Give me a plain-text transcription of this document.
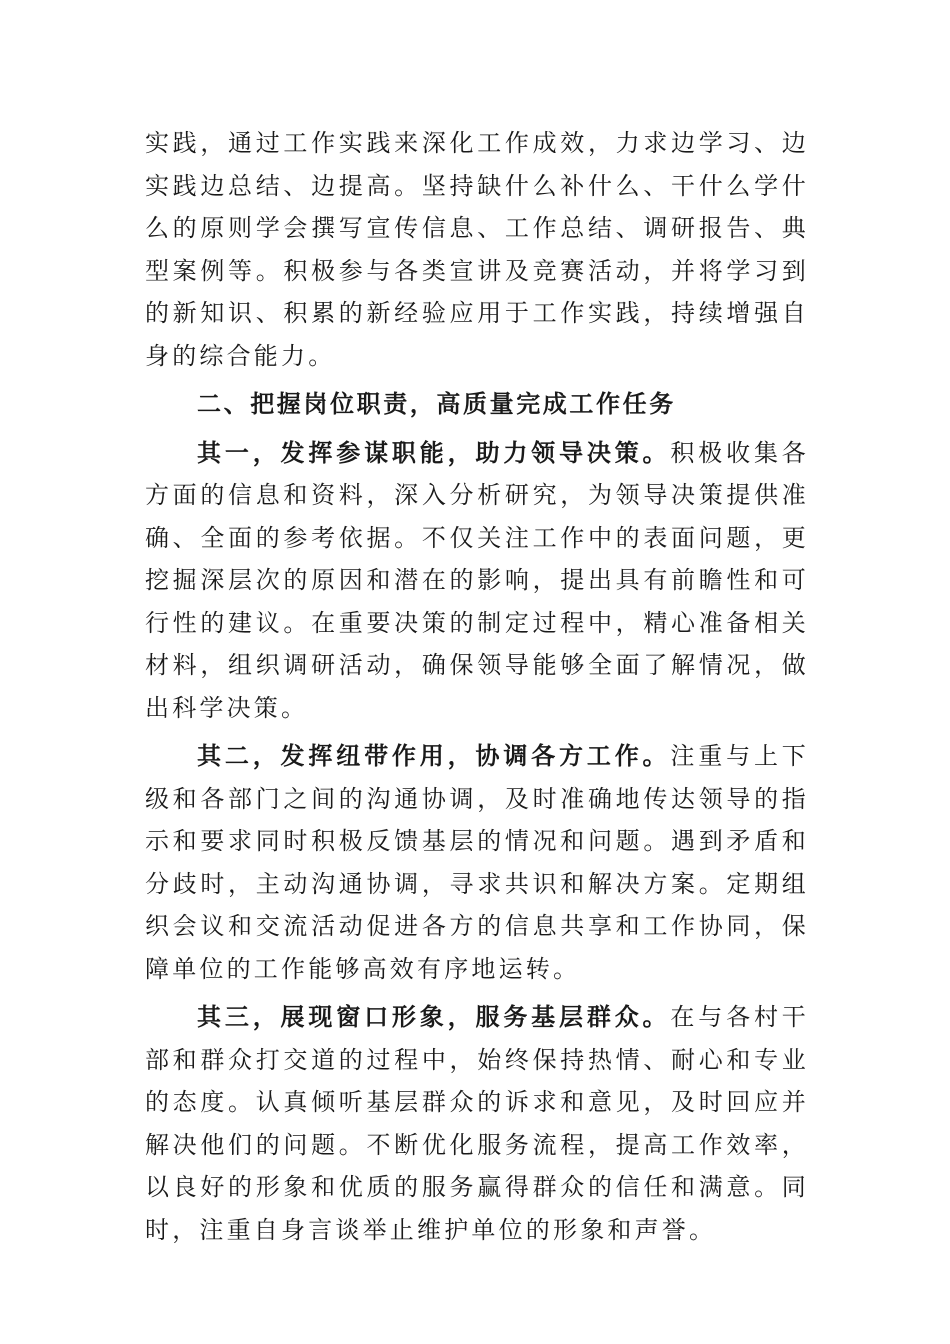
实践，通过工作实践来深化工作成效，力求边学习、边实践边总结、边提高。坚持缺什么补什么、干什么学什么的原则学会撰写宣传信息、工作总结、调研报告、典型案例等。积极参与各类宣讲及竞赛活动，并将学习到的新知识、积累的新经验应用于工作实践，持续增强自身的综合能力。

二、把握岗位职责，高质量完成工作任务

其一，发挥参谋职能，助力领导决策。积极收集各方面的信息和资料，深入分析研究，为领导决策提供准确、全面的参考依据。不仅关注工作中的表面问题，更挖掘深层次的原因和潜在的影响，提出具有前瞻性和可行性的建议。在重要决策的制定过程中，精心准备相关材料，组织调研活动，确保领导能够全面了解情况，做出科学决策。

其二，发挥纽带作用，协调各方工作。注重与上下级和各部门之间的沟通协调，及时准确地传达领导的指示和要求同时积极反馈基层的情况和问题。遇到矛盾和分歧时，主动沟通协调，寻求共识和解决方案。定期组织会议和交流活动促进各方的信息共享和工作协同，保障单位的工作能够高效有序地运转。

其三，展现窗口形象，服务基层群众。在与各村干部和群众打交道的过程中，始终保持热情、耐心和专业的态度。认真倾听基层群众的诉求和意见，及时回应并解决他们的问题。不断优化服务流程，提高工作效率，以良好的形象和优质的服务赢得群众的信任和满意。同时，注重自身言谈举止维护单位的形象和声誉。
